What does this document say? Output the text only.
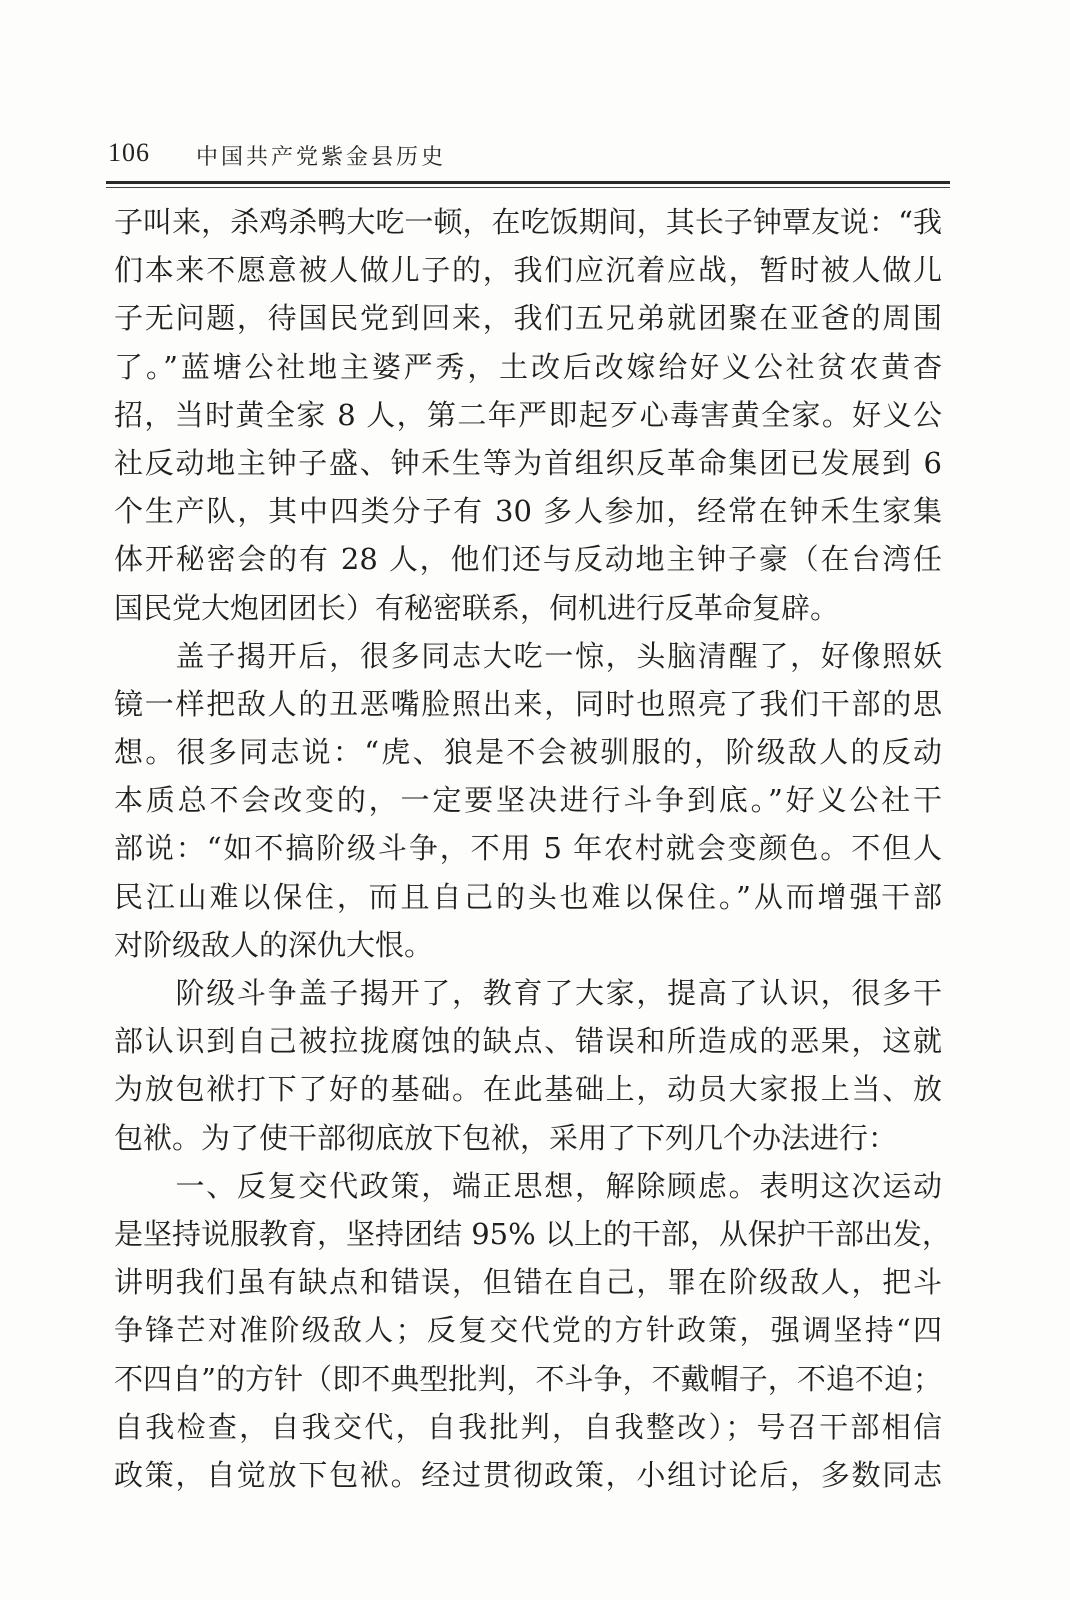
106 中国共产党紫金县历史
子叫来，杀鸡杀鸭大吃一顿，在吃饭期间，其长子钟覃友说：“我
们本来不愿意被人做儿子的，我们应沉着应战，暂时被人做儿
子无问题，待国民党到回来，我们五兄弟就团聚在亚爸的周围
了。”蓝塘公社地主婆严秀，土改后改嫁给好义公社贫农黄杳
招，当时黄全家 8 人，第二年严即起歹心毒害黄全家。好义公
社反动地主钟子盛、钟禾生等为首组织反革命集团已发展到 6
个生产队，其中四类分子有 30 多人参加，经常在钟禾生家集
体开秘密会的有 28 人，他们还与反动地主钟子豪（在台湾任
国民党大炮团团长）有秘密联系，伺机进行反革命复辟。
　　盖子揭开后，很多同志大吃一惊，头脑清醒了，好像照妖
镜一样把敌人的丑恶嘴脸照出来，同时也照亮了我们干部的思
想。很多同志说：“虎、狼是不会被驯服的，阶级敌人的反动
本质总不会改变的，一定要坚决进行斗争到底。”好义公社干
部说：“如不搞阶级斗争，不用 5 年农村就会变颜色。不但人
民江山难以保住，而且自己的头也难以保住。”从而增强干部
对阶级敌人的深仇大恨。
　　阶级斗争盖子揭开了，教育了大家，提高了认识，很多干
部认识到自己被拉拢腐蚀的缺点、错误和所造成的恶果，这就
为放包袱打下了好的基础。在此基础上，动员大家报上当、放
包袱。为了使干部彻底放下包袱，采用了下列几个办法进行：
　　一、反复交代政策，端正思想，解除顾虑。表明这次运动
是坚持说服教育，坚持团结 95% 以上的干部，从保护干部出发，
讲明我们虽有缺点和错误，但错在自己，罪在阶级敌人，把斗
争锋芒对准阶级敌人；反复交代党的方针政策，强调坚持“四
不四自”的方针（即不典型批判，不斗争，不戴帽子，不追不迫；
自我检查，自我交代，自我批判，自我整改）；号召干部相信
政策，自觉放下包袱。经过贯彻政策，小组讨论后，多数同志
